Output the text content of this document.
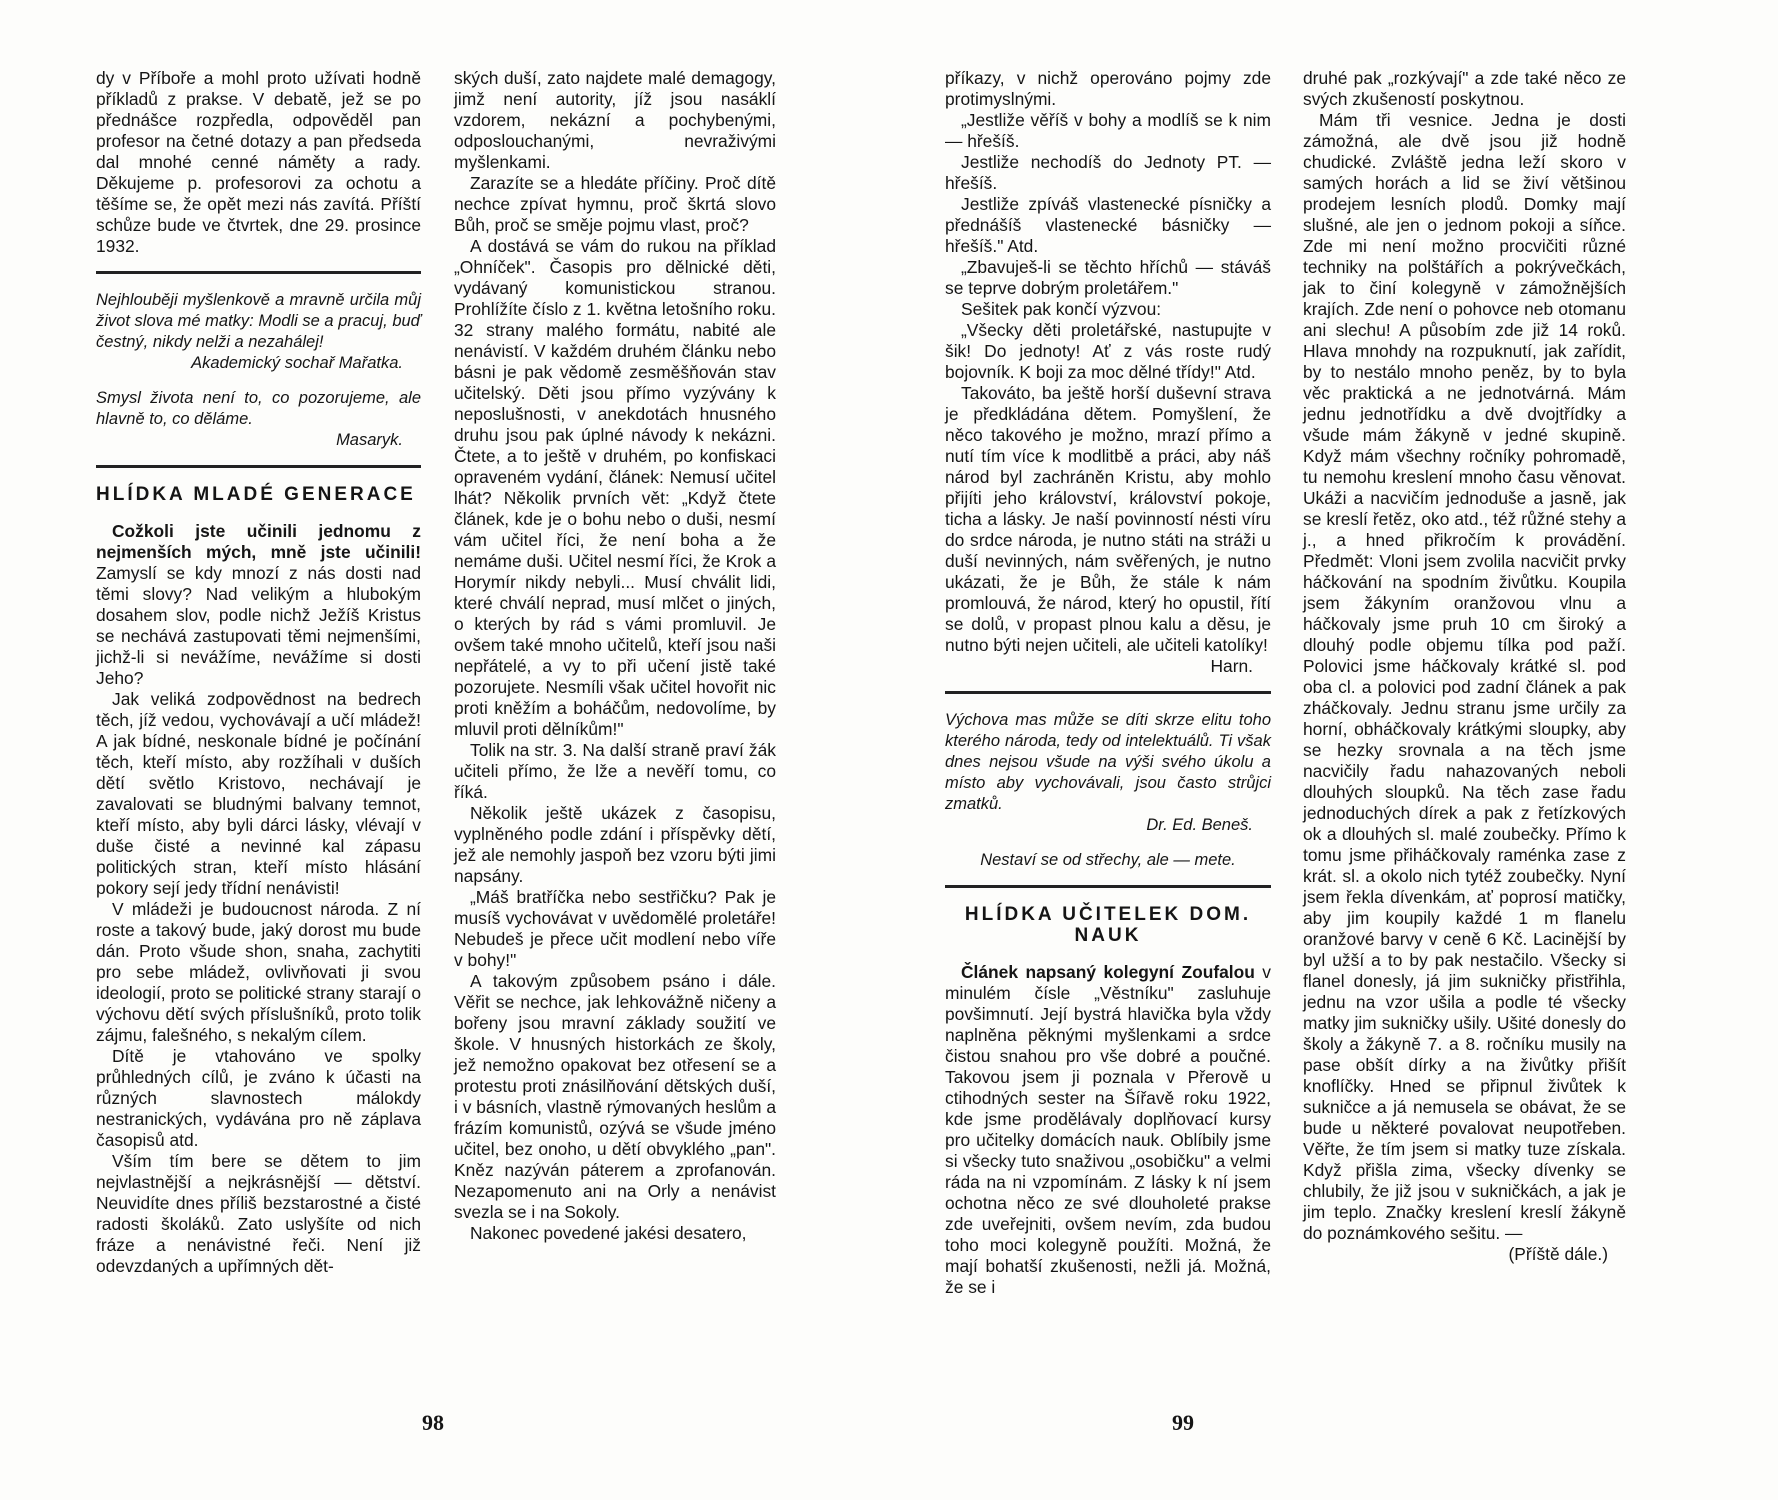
dy v Příboře a mohl proto užívati hodně příkladů z prakse. V debatě, jež se po přednášce rozpředla, odpověděl pan profesor na četné dotazy a pan předseda dal mnohé cenné náměty a rady. Děkujeme p. profesorovi za ochotu a těšíme se, že opět mezi nás zavítá. Příští schůze bude ve čtvrtek, dne 29. prosince 1932.

Nejhlouběji myšlenkově a mravně určila můj život slova mé matky: Modli se a pracuj, buď čestný, nikdy nelži a nezahálej!

Akademický sochař Mařatka.

Smysl života není to, co pozorujeme, ale hlavně to, co děláme.

Masaryk.

HLÍDKA MLADÉ GENERACE

Cožkoli jste učinili jednomu z nejmenších mých, mně jste učinili! Zamyslí se kdy mnozí z nás dosti nad těmi slovy? Nad velikým a hlubokým dosahem slov, podle nichž Ježíš Kristus se nechává zastupovati těmi nejmenšími, jichž-li si nevážíme, nevážíme si dosti Jeho?

Jak veliká zodpovědnost na bedrech těch, jíž vedou, vychovávají a učí mládež! A jak bídné, neskonale bídné je počínání těch, kteří místo, aby rozžíhali v duších dětí světlo Kristovo, nechávají je zavalovati se bludnými balvany temnot, kteří místo, aby byli dárci lásky, vlévají v duše čisté a nevinné kal zápasu politických stran, kteří místo hlásání pokory sejí jedy třídní nenávisti!

V mládeži je budoucnost národa. Z ní roste a takový bude, jaký dorost mu bude dán. Proto všude shon, snaha, zachytiti pro sebe mládež, ovlivňovati ji svou ideologií, proto se politické strany starají o výchovu dětí svých příslušníků, proto tolik zájmu, falešného, s nekalým cílem.

Dítě je vtahováno ve spolky průhledných cílů, je zváno k účasti na různých slavnostech málokdy nestranických, vydávána pro ně záplava časopisů atd.

Vším tím bere se dětem to jim nejvlastnější a nejkrásnější — dětství. Neuvidíte dnes příliš bezstarostné a čisté radosti školáků. Zato uslyšíte od nich fráze a nenávistné řeči. Není již odevzdaných a upřímných dět-

ských duší, zato najdete malé demagogy, jimž není autority, jíž jsou nasáklí vzdorem, nekázní a pochybenými, odposlouchanými, nevraživými myšlenkami.

Zarazíte se a hledáte příčiny. Proč dítě nechce zpívat hymnu, proč škrtá slovo Bůh, proč se směje pojmu vlast, proč?

A dostává se vám do rukou na příklad „Ohníček". Časopis pro dělnické děti, vydávaný komunistickou stranou. Prohlížíte číslo z 1. května letošního roku. 32 strany malého formátu, nabité ale nenávistí. V každém druhém článku nebo básni je pak vědomě zesměšňován stav učitelský. Děti jsou přímo vyzývány k neposlušnosti, v anekdotách hnusného druhu jsou pak úplné návody k nekázni. Čtete, a to ještě v druhém, po konfiskaci opraveném vydání, článek: Nemusí učitel lhát? Několik prvních vět: „Když čtete článek, kde je o bohu nebo o duši, nesmí vám učitel říci, že není boha a že nemáme duši. Učitel nesmí říci, že Krok a Horymír nikdy nebyli... Musí chválit lidi, které chválí neprad, musí mlčet o jiných, o kterých by rád s vámi promluvil. Je ovšem také mnoho učitelů, kteří jsou naši nepřátelé, a vy to při učení jistě také pozorujete. Nesmíli však učitel hovořit nic proti kněžím a boháčům, nedovolíme, by mluvil proti dělníkům!"

Tolik na str. 3. Na další straně praví žák učiteli přímo, že lže a nevěří tomu, co říká.

Několik ještě ukázek z časopisu, vyplněného podle zdání i příspěvky dětí, jež ale nemohly jaspoň bez vzoru býti jimi napsány.

„Máš bratříčka nebo sestřičku? Pak je musíš vychovávat v uvědomělé proletáře! Nebudeš je přece učit modlení nebo víře v bohy!"

A takovým způsobem psáno i dále. Věřit se nechce, jak lehkovážně ničeny a bořeny jsou mravní základy soužití ve škole. V hnusných historkách ze školy, jež nemožno opakovat bez otřesení se a protestu proti znásilňování dětských duší, i v básních, vlastně rýmovaných heslům a frázím komunistů, ozývá se všude jméno učitel, bez onoho, u dětí obvyklého „pan". Kněz nazýván páterem a zprofanován. Nezapomenuto ani na Orly a nenávist svezla se i na Sokoly.

Nakonec povedené jakési desatero,

98

příkazy, v nichž operováno pojmy zde protimyslnými.

„Jestliže věříš v bohy a modlíš se k nim — hřešíš.

Jestliže nechodíš do Jednoty PT. — hřešíš.

Jestliže zpíváš vlastenecké písničky a přednášíš vlastenecké básničky — hřešíš." Atd.

„Zbavuješ-li se těchto hříchů — stáváš se teprve dobrým proletářem."

Sešitek pak končí výzvou:

„Všecky děti proletářské, nastupujte v šik! Do jednoty! Ať z vás roste rudý bojovník. K boji za moc dělné třídy!" Atd.

Takováto, ba ještě horší duševní strava je předkládána dětem. Pomyšlení, že něco takového je možno, mrazí přímo a nutí tím více k modlitbě a práci, aby náš národ byl zachráněn Kristu, aby mohlo přijíti jeho království, království pokoje, ticha a lásky. Je naší povinností nésti víru do srdce národa, je nutno státi na stráži u duší nevinných, nám svěřených, je nutno ukázati, že je Bůh, že stále k nám promlouvá, že národ, který ho opustil, řítí se dolů, v propast plnou kalu a děsu, je nutno býti nejen učiteli, ale učiteli katolíky!

Harn.

Výchova mas může se díti skrze elitu toho kterého národa, tedy od intelektuálů. Ti však dnes nejsou všude na výši svého úkolu a místo aby vychovávali, jsou často strůjci zmatků.

Dr. Ed. Beneš.

Nestaví se od střechy, ale — mete.

HLÍDKA UČITELEK DOM. NAUK

Článek napsaný kolegyní Zoufalou v minulém čísle „Věstníku" zasluhuje povšimnutí. Její bystrá hlavička byla vždy naplněna pěknými myšlenkami a srdce čistou snahou pro vše dobré a poučné. Takovou jsem ji poznala v Přerově u ctihodných sester na Šířavě roku 1922, kde jsme prodělávaly doplňovací kursy pro učitelky domácích nauk. Oblíbily jsme si všecky tuto snaživou „osobičku" a velmi ráda na ni vzpomínám. Z lásky k ní jsem ochotna něco ze své dlouholeté prakse zde uveřejniti, ovšem nevím, zda budou toho moci kolegyně použíti. Možná, že mají bohatší zkušenosti, nežli já. Možná, že se i

druhé pak „rozkývají" a zde také něco ze svých zkušeností poskytnou.

Mám tři vesnice. Jedna je dosti zámožná, ale dvě jsou již hodně chudické. Zvláště jedna leží skoro v samých horách a lid se živí většinou prodejem lesních plodů. Domky mají slušné, ale jen o jednom pokoji a síňce. Zde mi není možno procvičiti různé techniky na polštářích a pokrývečkách, jak to činí kolegyně v zámožnějších krajích. Zde není o pohovce neb otomanu ani slechu! A působím zde již 14 roků. Hlava mnohdy na rozpuknutí, jak zařídit, by to nestálo mnoho peněz, by to byla věc praktická a ne jednotvárná. Mám jednu jednotřídku a dvě dvojtřídky a všude mám žákyně v jedné skupině. Když mám všechny ročníky pohromadě, tu nemohu kreslení mnoho času věnovat. Ukáži a nacvičím jednoduše a jasně, jak se kreslí řetěz, oko atd., též růžné stehy a j., a hned přikročím k provádění. Předmět: Vloni jsem zvolila nacvičit prvky háčkování na spodním živůtku. Koupila jsem žákyním oranžovou vlnu a háčkovaly jsme pruh 10 cm široký a dlouhý podle objemu tílka pod paží. Polovici jsme háčkovaly krátké sl. pod oba cl. a polovici pod zadní článek a pak zháčkovaly. Jednu stranu jsme určily za horní, obháčkovaly krátkými sloupky, aby se hezky srovnala a na těch jsme nacvičily řadu nahazovaných neboli dlouhých sloupků. Na těch zase řadu jednoduchých dírek a pak z řetízkových ok a dlouhých sl. malé zoubečky. Přímo k tomu jsme přiháčkovaly raménka zase z krát. sl. a okolo nich tytéž zoubečky. Nyní jsem řekla dívenkám, ať poprosí matičky, aby jim koupily každé 1 m flanelu oranžové barvy v ceně 6 Kč. Lacinější by byl užší a to by pak nestačilo. Všecky si flanel donesly, já jim sukničky přistřihla, jednu na vzor ušila a podle té všecky matky jim sukničky ušily. Ušité donesly do školy a žákyně 7. a 8. ročníku musily na pase obšít dírky a na živůtky přišít knoflíčky. Hned se připnul živůtek k sukničce a já nemusela se obávat, že se bude u některé povalovat neupotřeben. Věřte, že tím jsem si matky tuze získala. Když přišla zima, všecky dívenky se chlubily, že již jsou v sukničkách, a jak je jim teplo. Značky kreslení kreslí žákyně do poznámkového sešitu. —

(Příště dále.)

99
